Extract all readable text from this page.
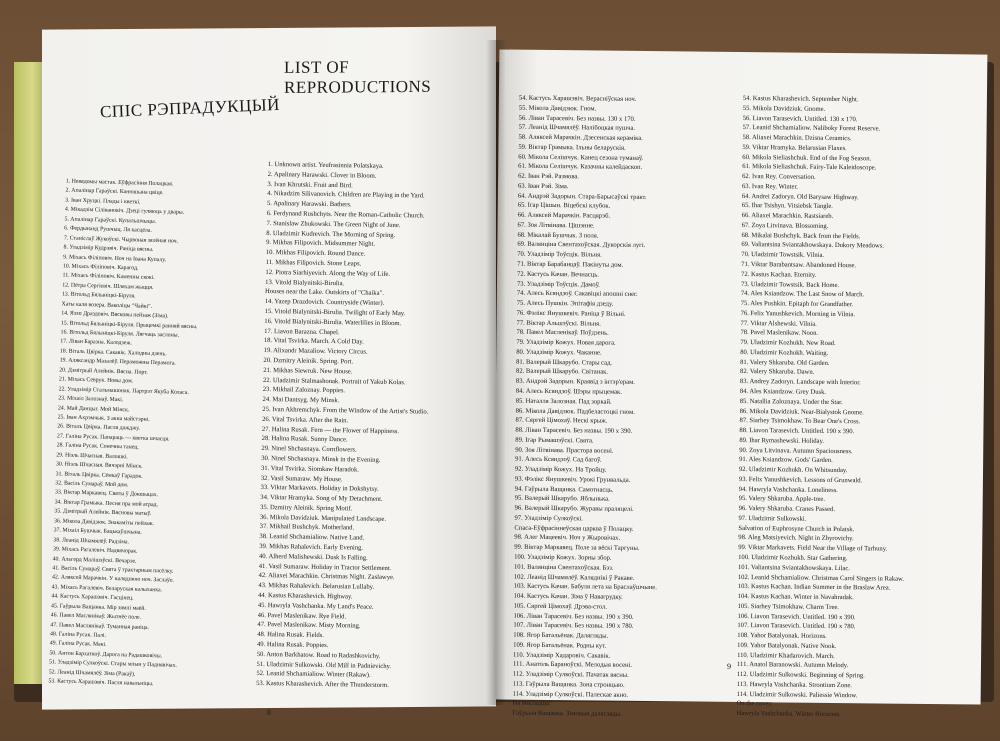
СПІС РЭПРАДУКЦЫЙ
LIST OF REPRODUCTIONS
1. Невядомы мастак. Еўфрасіння Полацкая.
2. Апалінар Гараўскі. Канюшына цвіце.
3. Іван Хруцкі. Плады і кветкі.
4. Мікадзім Сілівановіч. Дзеці гуляюць у двары.
5. Апалінар Гараўскі. Купальшчыцы.
6. Фердынанд Рушчыц. Ля касцёла.
7. Станіслаў Жукоўскі. Чырвоная зялёная ноч.
8. Уладзімір Кудрэвіч. Раніца вясны.
9. Міхась Філіповіч. Ноч на Івана Купалу.
10. Міхась Філіповіч. Карагод.
11. Міхась Філіповіч. Каменны скокі.
12. Пётра Сергіевіч. Шляхам жыцця.
13. Вітольд Бялыніцкі-Біруля.
Хаты каля возера. Ваколіцы "Чайкі".
14. Язэп Драздовіч. Вясковы пейзаж (Зіма).
15. Вітольд Бялыніцкі-Біруля. Прыцемкі ранняй вясны.
16. Вітольд Бялыніцкі-Біруля. Лягчаць заслоны.
17. Ліван Баразна. Калодзеж.
18. Віталь Цвірка. Сакавік. Халодны дзень.
19. Аляксандр Мазалёў. Пераможны Перамога.
20. Дзмітрый Алейнік. Вясна. Порт.
21. Міхась Севрук. Новы дом.
22. Уладзімір Стальмашонак. Партрэт Якуба Коласа.
23. Міхаіл Залознаў. Макі.
24. Май Данцыг. Мой Мінск.
25. Іван Ахрэмчык. З акна майстэрні.
26. Віталь Цвірка. Пасля дажджу.
27. Галіна Русак. Папараць — кветка шчасця.
28. Галіна Русак. Сонечны танец.
29. Ніэль Шчасная. Валошкі.
30. Ніэль Шчасная. Вячэрні Мінск.
31. Віталь Цвірка. Сёмкаў Гарадок.
32. Васіль Сумараў. Мой дом.
33. Віктар Маркавец. Святы ў Докшыцах.
34. Віктар Грамыка. Песня пра мой атрад.
35. Дзмітрый Алейнік. Вясновы матыў.
36. Мікола Давідзюк. Знакаміты пейзаж.
37. Міхаіл Бушчык. Бацькаўшчына.
38. Леанід Шчамялёў. Радзіма.
39. Міхась Рагалевіч. Надвячорак.
40. Альгерд Малішэўскі. Вечарэе.
41. Васіль Сумараў. Свята ў трактарным пасёлку.
42. Аляксей Марачкін. У каляднюю ноч. Заслаўе.
43. Міхась Рагалевіч. Беларуская калыханка.
44. Кастусь Харашэвіч. Гасцінец.
45. Гаўрыла Ващанка. Мір зямлі маёй.
46. Павел Маслянікаў. Жытнёе поле.
47. Павел Маслянікаў. Туманная раніца.
48. Галіна Русак. Палі.
49. Галіна Русак. Макі.
50. Антон Бархаткоў. Дарога на Радашковічы.
51. Уладзімір Сулкоўскі. Стары млын у Паднявічах.
52. Леанід Шчамялёў. Зіма (Ракаў).
53. Кастусь Харашэвіч. Пасля навальніцы.
1. Unknown artist. Yeufrasinnia Polatskaya.
2. Apalinary Harawski. Clover in Bloom.
3. Ivan Khrutski. Fruit and Bird.
4. Nikadzim Silivanovich. Children are Playing in the Yard.
5. Apalinary Harawski. Bathers.
6. Ferdynand Rushchyts. Near the Roman-Catholic Church.
7. Stanislaw Zhukowski. The Green Night of June.
8. Uladzimir Kudrevich. The Morning of Spring.
9. Mikhas Filipovich. Midsummer Night.
10. Mikhas Filipovich. Round Dance.
11. Mikhas Filipovich. Stone Leaps.
12. Piotra Siarhiyevich. Along the Way of Life.
13. Vitold Bialynitski-Birulia.
Houses near the Lake. Outskirts of "Chaika".
14. Yazep Drazdovich. Countryside (Winter).
15. Vitold Bialynitski-Birulia. Twilight of Early May.
16. Vitold Bialynitski-Birulia. Waterlilies in Bloom.
17. Liavon Barazna. Chapel.
18. Vital Tsvirka. March. A Cold Day.
19. Alixandr Mazaliow. Victory Circus.
20. Dzmitry Aleinik. Spring. Port.
21. Mikhas Siewruk. New House.
22. Uladzimir Stalmashonak. Portrait of Yakub Kolas.
23. Mikhail Zaloznay. Poppies.
24. Mai Dantsyg. My Minsk.
25. Ivan Akhremchyk. From the Window of the Artist's Studio.
26. Vital Tsvirka. After the Rain.
27. Halina Rusak. Fern — the Flower of Happiness.
28. Halina Rusak. Sunny Dance.
29. Ninel Shchasnaya. Cornflowers.
30. Ninel Shchasnaya. Minsk in the Evening.
31. Vital Tsvirka. Siomkaw Haradok.
32. Vasil Sumaraw. My House.
33. Viktar Markavets. Holiday in Dokshytsy.
34. Viktar Hramyka. Song of My Detachment.
35. Dzmitry Aleinik. Spring Motif.
36. Mikola Davidziuk. Manipulated Landscape.
37. Mikhail Bushchyk. Motherland.
38. Leanid Shchamialiow. Native Land.
39. Mikhas Rahalevich. Early Evening.
40. Alherd Malishewski. Dusk Is Falling.
41. Vasil Sumaraw. Holiday in Tractor Settlement.
42. Aliaxei Marachkin. Christmas Night. Zaslawye.
43. Mikhas Rahalevich. Belarusian Lullaby.
44. Kastus Kharashevich. Highway.
45. Hawryla Vashchanka. My Land's Peace.
46. Pavel Maslenikaw. Rye Field.
47. Pavel Maslenikaw. Misty Morning.
48. Halina Rusak. Fields.
49. Halina Rusak. Poppies.
50. Anton Barkhatow. Road to Radashkovichy.
51. Uladzimir Sulkowski. Old Mill in Padnievichy.
52. Leanid Shchamialiow. Winter (Rakaw).
53. Kastus Kharashevich. After the Thunderstorm.
8
54. Кастусь Харашэвіч. Верасніўская ноч.
55. Мікола Давідзюк. Гном.
56. Ліван Тарасевіч. Без назвы. 130 х 170.
57. Леанід Шчамялёў. Налібоцкая пушча.
58. Аляксей Марачкін. Дзесенская кераміка.
59. Віктар Грамыка. Ільны беларускія.
60. Мікола Селішчук. Канец сезона туманаў.
61. Мікола Селішчук. Казачны калейдаскоп.
62. Іван Рэй. Размова.
63. Іван Рэй. Зіма.
64. Андрэй Задорын. Стара-Барысаўскі тракт.
65. Ігар Цішын. Віцебскі клубок.
66. Аляксей Марачкін. Расцярэб.
67. Зоя Літвінава. Цішэнне.
68. Мікалай Бушчык. З поля.
69. Валянціна Свентахоўская. Дукорскія лугі.
70. Уладзімір Тоўсцік. Вільня.
71. Віктар Барабанцаў. Пакінуты дом.
72. Кастусь Качан. Вечнасць.
73. Уладзімір Тоўсцік. Дамоў.
74. Алесь Ксяндзоў. Сакавіцкі апошні снег.
75. Алесь Пушкін. Эпітафія дзеду.
76. Фэлікс Янушкевіч. Раніца ў Вільні.
77. Віктар Альшэўскі. Вільня.
78. Павел Масленікаў. Поўдзень.
79. Уладзімір Кожух. Новая дарога.
80. Уладзімір Кожух. Чаканне.
81. Валерый Шкарубо. Стары сад.
82. Валерый Шкарубо. Світанак.
83. Андрэй Задорын. Краявід з інтэр'ерам.
84. Алесь Ксяндзоў. Шэры прыцемак.
85. Наталля Залозная. Пад зоркай.
86. Мікола Давідзюк. Падбеластоцкі гном.
87. Сяргей Цімохаў. Нескі крыж.
88. Ліван Тарасевіч. Без назвы. 190 х 390.
89. Ігар Рымашэўскі. Свята.
90. Зоя Літвінава. Прастора восені.
91. Алесь Ксяндзоў. Сад багоў.
92. Уладзімір Кожух. На Тройцу.
93. Фэлікс Янушкевіч. Урокі Грунвальда.
94. Гаўрыла Ващанка. Самотнасць.
95. Валерый Шкарубо. Яблынька.
96. Валерый Шкарубо. Журавы праляцелі.
97. Уладзімір Сулкоўскі.
Спаса-Еўфрасіннеўская царква ў Полацку.
98. Алег Мацеевіч. Ноч у Жыровічах.
99. Віктар Маркавец. Поле за вёскі Таргуны.
100. Уладзімір Кожух. Зорны збор.
101. Валянціна Свентахоўская. Бэз.
102. Леанід Шчамялёў. Каляднікі ў Ракаве.
103. Кастусь Качан. Бабуля лета на Браслаўшчыне.
104. Кастусь Качан. Зіма ў Навагрудку.
105. Сяргей Цімохаў. Дрэва-стол.
106. Ліван Тарасевіч. Без назвы. 190 х 390.
107. Ліван Тарасевіч. Без назвы. 190 х 780.
108. Ягор Батальёнак. Далягляды.
109. Ягор Батальёнак. Родны кут.
110. Уладзімір Хадаровіч. Сакавік.
111. Анатоль Бараноўскі. Мелодыя восені.
112. Уладзімір Сулкоўскі. Пачатак вясны.
113. Гаўрыла Ващанка. Зона стронцыю.
114. Уладзімір Сулкоўскі. Палескае акно.
На вокладцы:
Гаўрыла Ващанка. Зімовыя далягляды.
54. Kastus Kharashevich. September Night.
55. Mikola Davidziuk. Gnome.
56. Liavon Tarasevich. Untitled. 130 x 170.
57. Leanid Shchamialiow. Naliboky Forest Reserve.
58. Aliaxei Marachkin. Dzisna Ceramics.
59. Viktar Hramyka. Belarusian Flaxes.
60. Mikola Sieliashchuk. End of the Fog Season.
61. Mikola Sieliashchuk. Fairy-Tale Kaleidoscope.
62. Ivan Rey. Conversation.
63. Ivan Rey. Winter.
64. Andrei Zadoryn. Old Barysaw Highway.
65. Ihar Tsishyn. Vitsiebsk Tangle.
66. Aliaxei Marachkin. Rastsiareb.
67. Zoya Litvinava. Blossoming.
68. Mikalai Bushchyk. Back from the Fields.
69. Valiantsina Sviantakhowskaya. Dukory Meadows.
70. Uladzimir Towstsik. Vilnia.
71. Viktar Barabantsaw. Abandoned House.
72. Kastus Kachan. Eternity.
73. Uladzimir Towstsik. Back Home.
74. Ales Ksiandzow. The Last Snow of March.
75. Ales Pushkin. Epitaph for Grandfather.
76. Felix Yanushkevich. Morning in Vilnia.
77. Viktar Alshewski. Vilnia.
78. Pavel Maslenikaw. Noon.
79. Uladzimir Kozhukh. New Road.
80. Uladzimir Kozhukh. Waiting.
81. Valery Shkaruba. Old Garden.
82. Valery Shkaruba. Dawn.
83. Andrey Zadoryn. Landscape with Interior.
84. Ales Ksiandzow. Grey Dusk.
85. Natallia Zaloznaya. Under the Star.
86. Mikola Davidziuk. Near-Bialystok Gnome.
87. Siarhey Tsimokhaw. To Bear One's Cross.
88. Liavon Tarasevich. Untitled. 190 x 390.
89. Ihar Rymashewski. Holiday.
90. Zoya Litvinava. Autumn Spaciousness.
91. Ales Ksiandzow. Gods' Garden.
92. Uladzimir Kozhukh. On Whitsunday.
93. Felix Yanushkevich. Lessons of Grunwald.
94. Hawryla Vashchanka. Loneliness.
95. Valery Shkaruba. Apple-tree.
96. Valery Shkaruba. Cranes Passed.
97. Uladzimir Sulkowski.
Salvation of Euphrosyne Church in Polatsk.
98. Aleg Matsiyevich. Night in Zhyrovichy.
99. Viktar Markavets. Field Near the Village of Tarhuny.
100. Uladzimir Kozhukh. Star Gathering.
101. Valiantsina Sviantakhowskaya. Lilac.
102. Leanid Shchamialiow. Christmas Carol Singers in Rakaw.
103. Kastus Kachan. Indian Summer in the Braslaw Area.
104. Kastus Kachan. Winter in Navahradak.
105. Siarhey Tsimokhaw. Charm Tree.
106. Liavon Tarasevich. Untitled. 190 x 390.
107. Liavon Tarasevich. Untitled. 190 x 780.
108. Yahor Batalyonak. Horizons.
109. Yahor Batalyonak. Native Nook.
110. Uladzimir Khadarovich. March.
111. Anatol Baranowski. Autumn Melody.
112. Uladzimir Sulkowski. Beginning of Spring.
113. Hawryla Vashchanka. Strontium Zone.
114. Uladzimir Sulkowski. Paliessie Window.
On the cover:
Hawryla Vashchanka. Winter Horizons.
9
